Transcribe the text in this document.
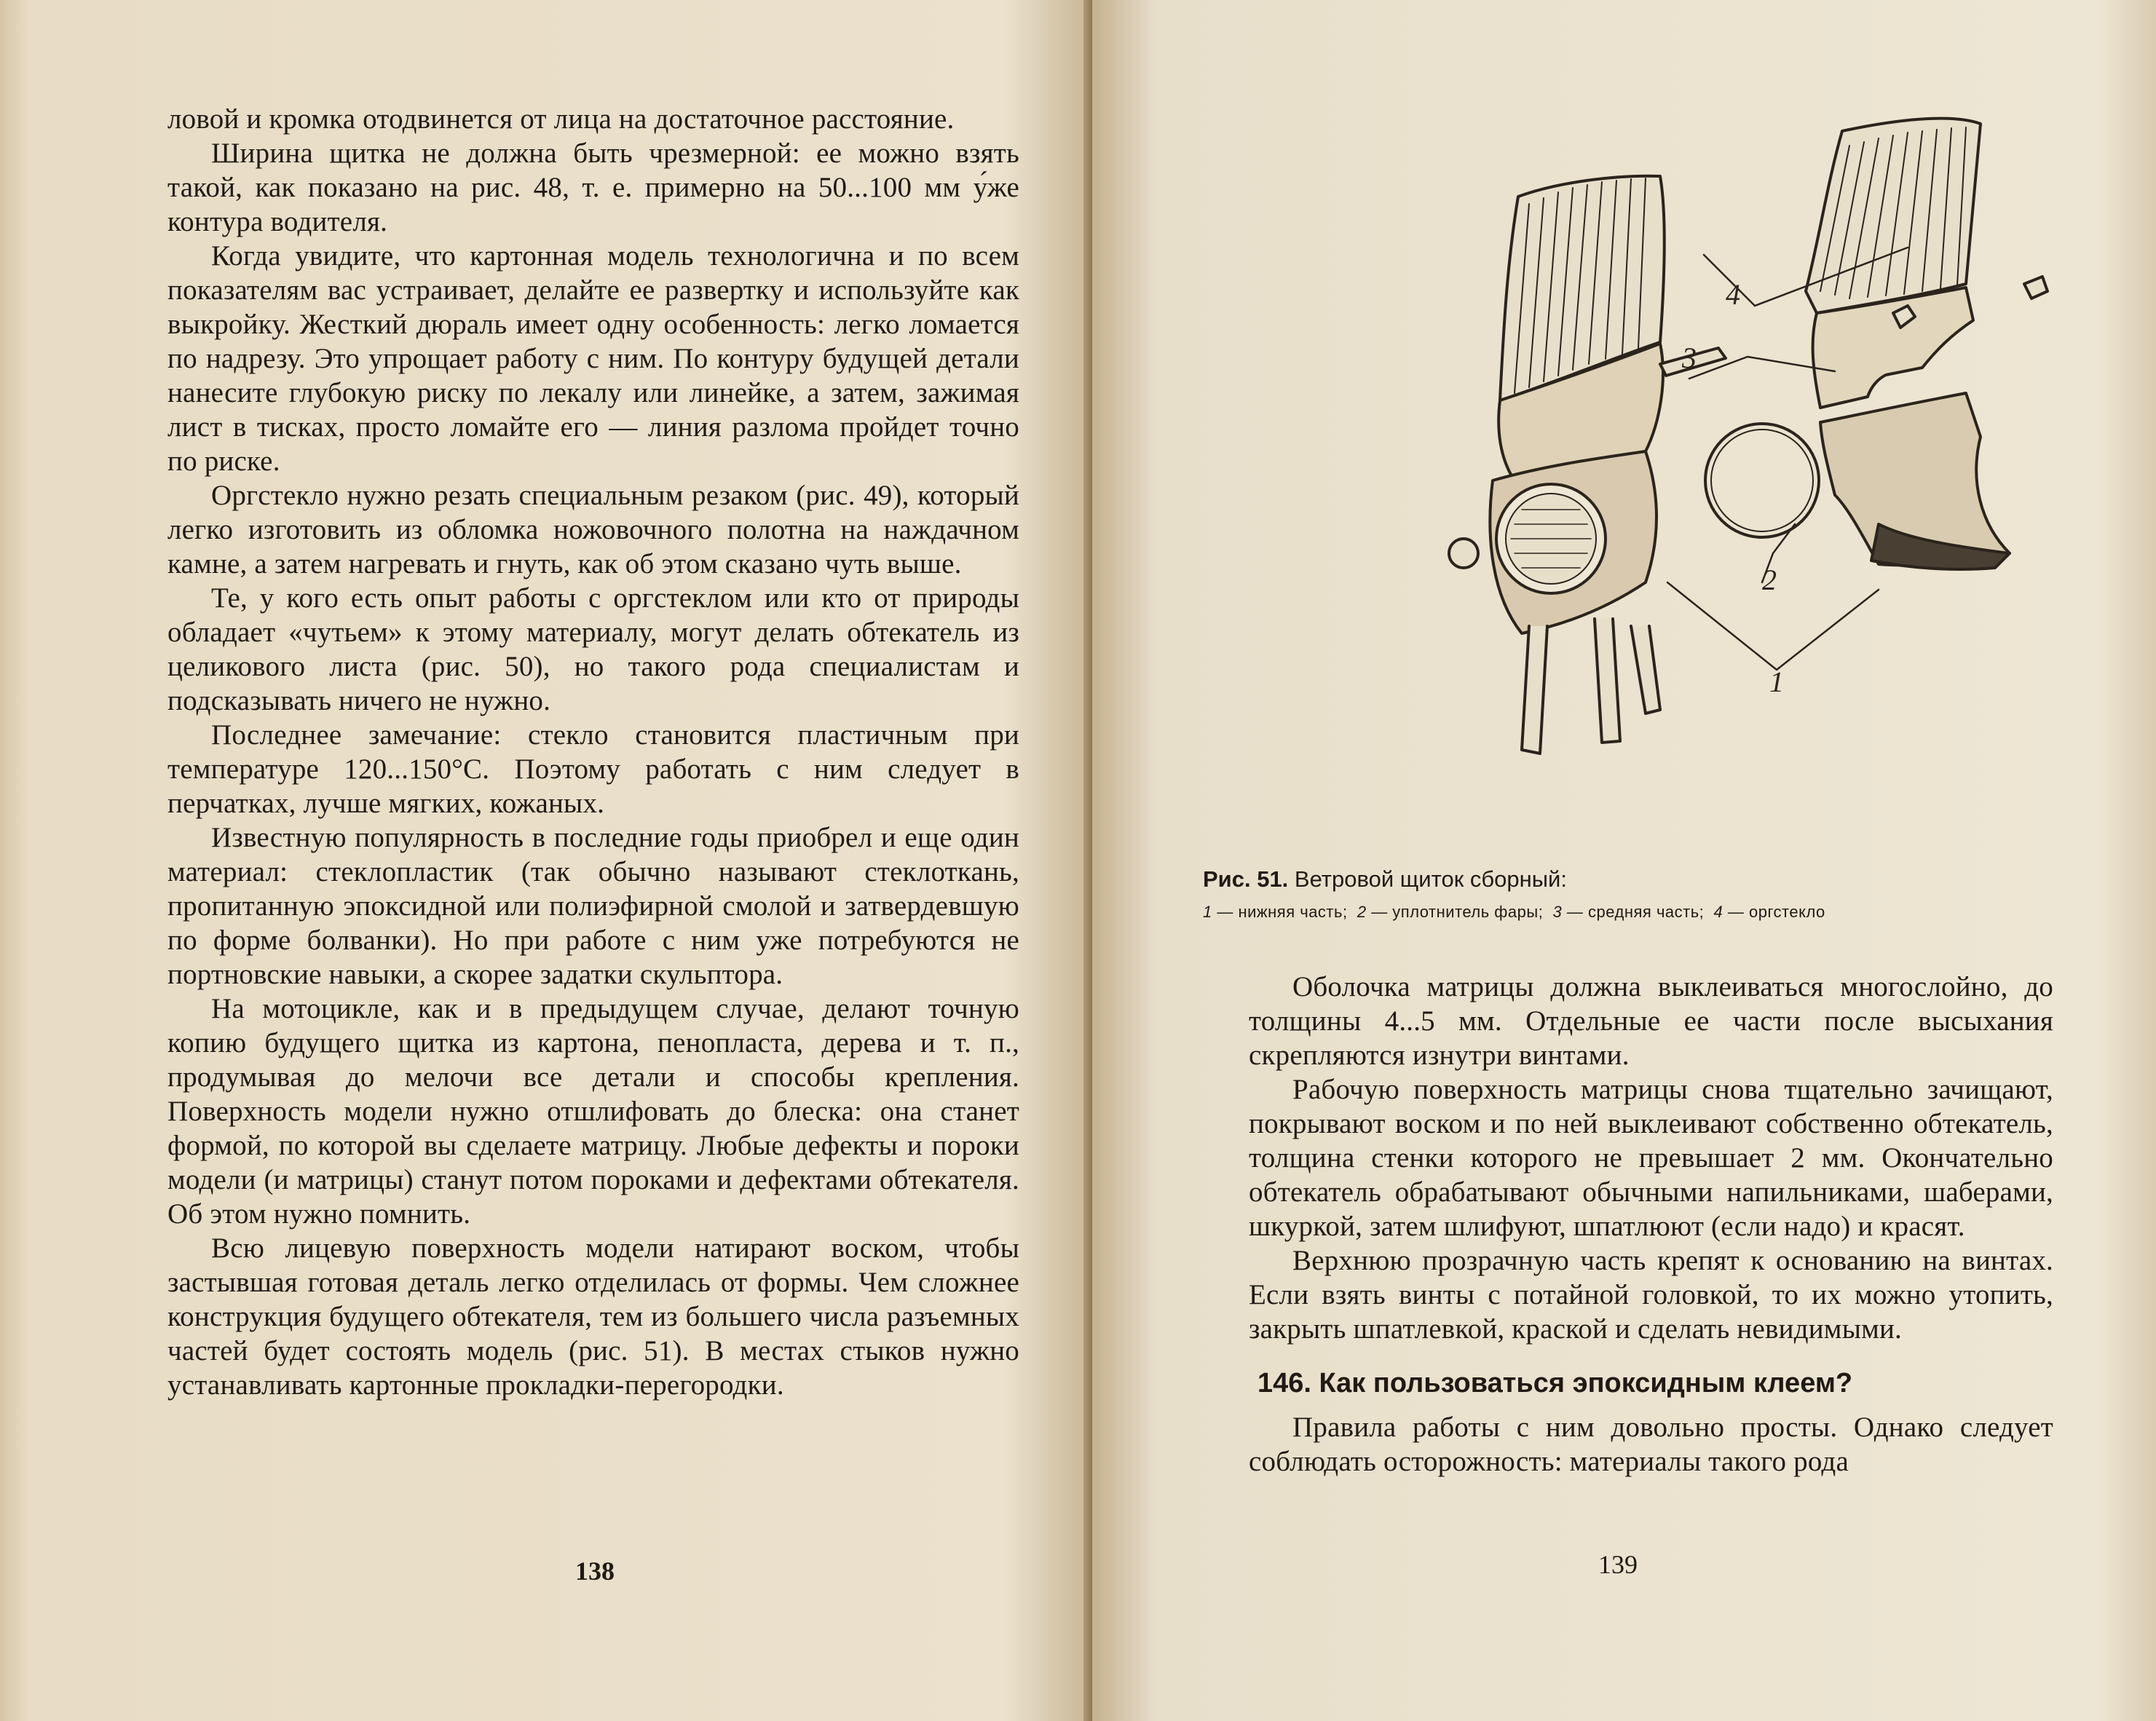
ловой и кромка отодвинется от лица на достаточное расстояние.

Ширина щитка не должна быть чрезмерной: ее можно взять такой, как показано на рис. 48, т. е. примерно на 50...100 мм у́же контура водителя.

Когда увидите, что картонная модель технологична и по всем показателям вас устраивает, делайте ее развертку и используйте как выкройку. Жесткий дюраль имеет одну особенность: легко ломается по надрезу. Это упрощает работу с ним. По контуру будущей детали нанесите глубокую риску по лекалу или линейке, а затем, зажимая лист в тисках, просто ломайте его — линия разлома пройдет точно по риске.

Оргстекло нужно резать специальным резаком (рис. 49), который легко изготовить из обломка ножовочного полотна на наждачном камне, а затем нагревать и гнуть, как об этом сказано чуть выше.

Те, у кого есть опыт работы с оргстеклом или кто от природы обладает «чутьем» к этому материалу, могут делать обтекатель из целикового листа (рис. 50), но такого рода специалистам и подсказывать ничего не нужно.

Последнее замечание: стекло становится пластичным при температуре 120...150°С. Поэтому работать с ним следует в перчатках, лучше мягких, кожаных.

Известную популярность в последние годы приобрел и еще один материал: стеклопластик (так обычно называют стеклоткань, пропитанную эпоксидной или полиэфирной смолой и затвердевшую по форме болванки). Но при работе с ним уже потребуются не портновские навыки, а скорее задатки скульптора.

На мотоцикле, как и в предыдущем случае, делают точную копию будущего щитка из картона, пенопласта, дерева и т. п., продумывая до мелочи все детали и способы крепления. Поверхность модели нужно отшлифовать до блеска: она станет формой, по которой вы сделаете матрицу. Любые дефекты и пороки модели (и матрицы) станут потом пороками и дефектами обтекателя. Об этом нужно помнить.

Всю лицевую поверхность модели натирают воском, чтобы застывшая готовая деталь легко отделилась от формы. Чем сложнее конструкция будущего обтекателя, тем из большего числа разъемных частей будет состоять модель (рис. 51). В местах стыков нужно устанавливать картонные прокладки-перегородки.

138
4
3
2
1

Рис. 51. Ветровой щиток сборный:

1 — нижняя часть; 2 — уплотнитель фары; 3 — средняя часть; 4 — оргстекло

Оболочка матрицы должна выклеиваться многослойно, до толщины 4...5 мм. Отдельные ее части после высыхания скрепляются изнутри винтами.

Рабочую поверхность матрицы снова тщательно зачищают, покрывают воском и по ней выклеивают собственно обтекатель, толщина стенки которого не превышает 2 мм. Окончательно обтекатель обрабатывают обычными напильниками, шаберами, шкуркой, затем шлифуют, шпатлюют (если надо) и красят.

Верхнюю прозрачную часть крепят к основанию на винтах. Если взять винты с потайной головкой, то их можно утопить, закрыть шпатлевкой, краской и сделать невидимыми.

146. Как пользоваться эпоксидным клеем?

Правила работы с ним довольно просты. Однако следует соблюдать осторожность: материалы такого рода

139
